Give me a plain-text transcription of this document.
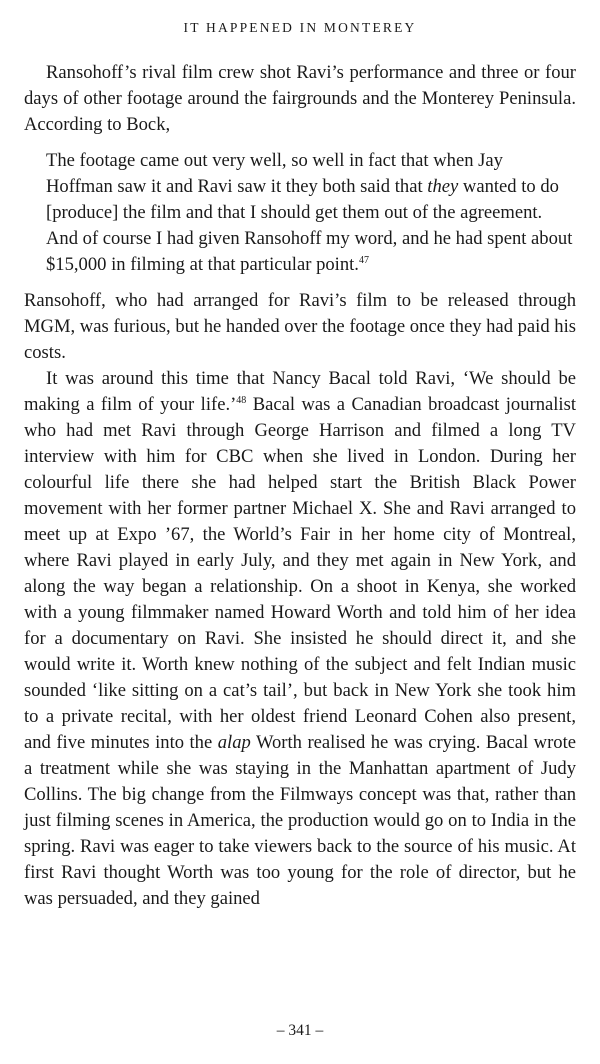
IT HAPPENED IN MONTEREY

Ransohoff’s rival film crew shot Ravi’s performance and three or four days of other footage around the fairgrounds and the Monterey Peninsula. According to Bock,

The footage came out very well, so well in fact that when Jay Hoffman saw it and Ravi saw it they both said that they wanted to do [produce] the film and that I should get them out of the agreement. And of course I had given Ransohoff my word, and he had spent about $15,000 in filming at that particular point.$^{47}$

Ransohoff, who had arranged for Ravi’s film to be released through MGM, was furious, but he handed over the footage once they had paid his costs.

It was around this time that Nancy Bacal told Ravi, ‘We should be making a film of your life.’$^{48}$ Bacal was a Canadian broadcast journalist who had met Ravi through George Harrison and filmed a long TV interview with him for CBC when she lived in London. During her colourful life there she had helped start the British Black Power movement with her former partner Michael X. She and Ravi arranged to meet up at Expo ’67, the World’s Fair in her home city of Montreal, where Ravi played in early July, and they met again in New York, and along the way began a relationship. On a shoot in Kenya, she worked with a young filmmaker named Howard Worth and told him of her idea for a documentary on Ravi. She insisted he should direct it, and she would write it. Worth knew nothing of the subject and felt Indian music sounded ‘like sitting on a cat’s tail’, but back in New York she took him to a private recital, with her oldest friend Leonard Cohen also present, and five minutes into the alap Worth realised he was crying. Bacal wrote a treatment while she was staying in the Manhattan apartment of Judy Collins. The big change from the Filmways concept was that, rather than just filming scenes in America, the production would go on to India in the spring. Ravi was eager to take viewers back to the source of his music. At first Ravi thought Worth was too young for the role of director, but he was persuaded, and they gained

– 341 –
